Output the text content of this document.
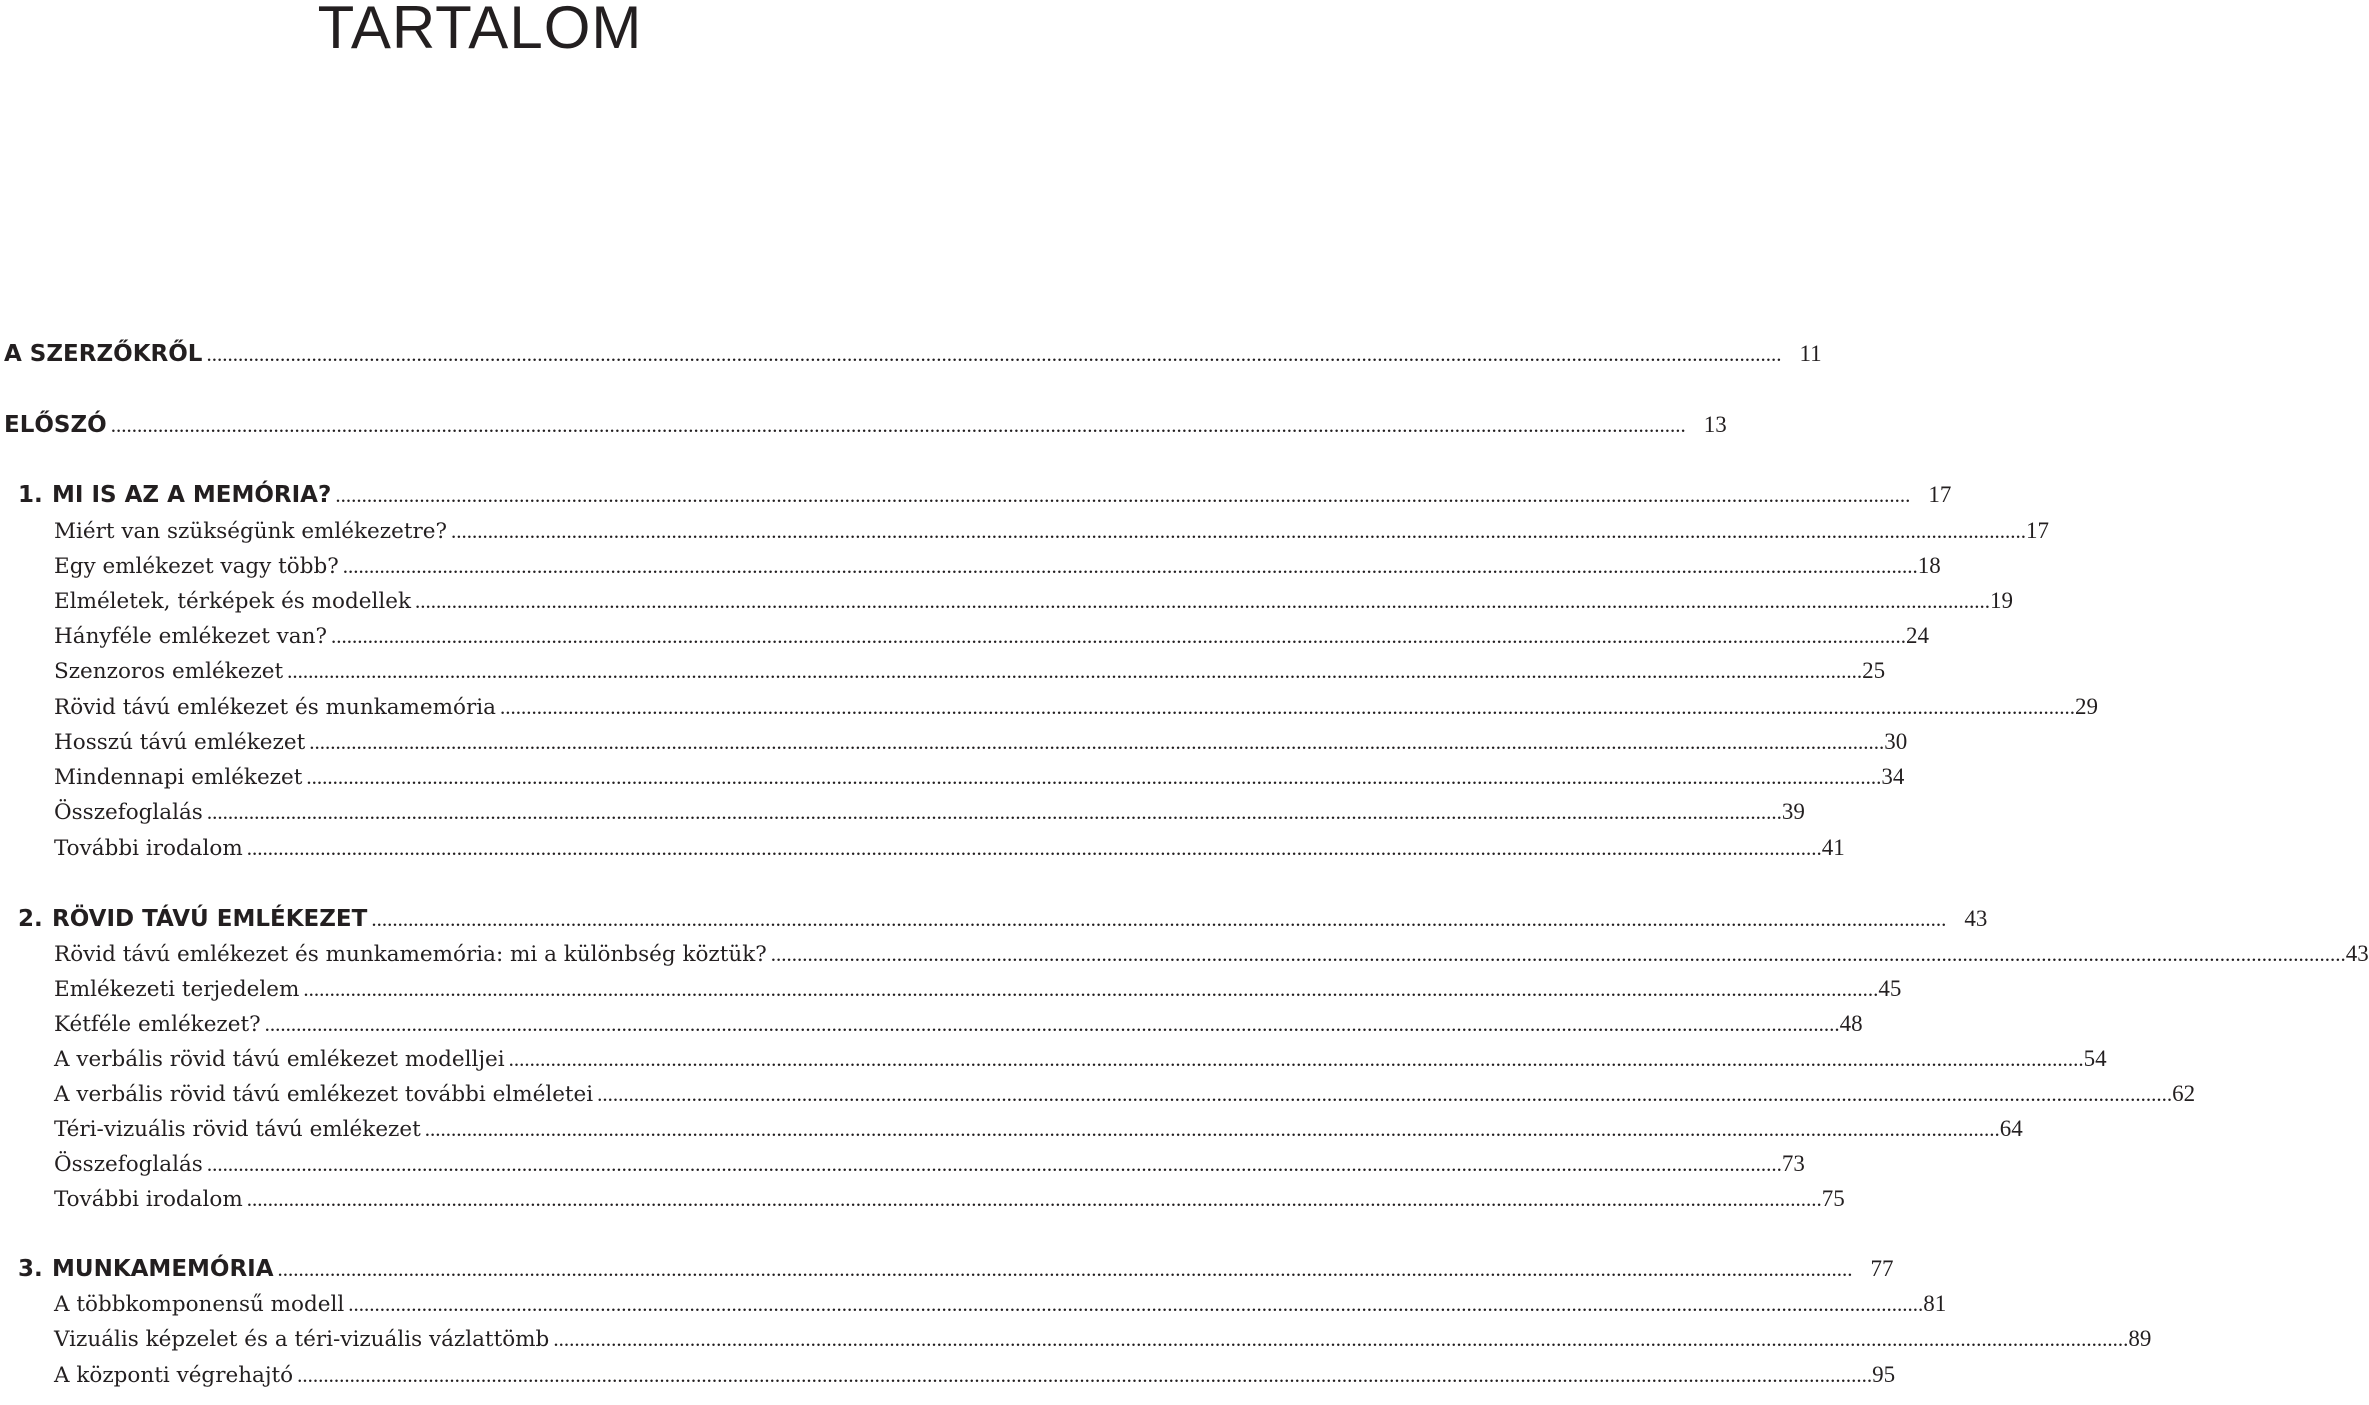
TARTALOM
A SZERZŐKRŐL ............................................................................................................................................................................................................................................................................................................ 11
ELŐSZÓ ............................................................................................................................................................................................................................................................................................................ 13
1. MI IS AZ A MEMÓRIA? ............................................................................................................................................................................................................................................................................................................ 17
Miért van szükségünk emlékezetre? ............................................................................................................................................................................................................................................................................................................ 17
Egy emlékezet vagy több? ............................................................................................................................................................................................................................................................................................................ 18
Elméletek, térképek és modellek ............................................................................................................................................................................................................................................................................................................ 19
Hányféle emlékezet van? ............................................................................................................................................................................................................................................................................................................ 24
Szenzoros emlékezet ............................................................................................................................................................................................................................................................................................................ 25
Rövid távú emlékezet és munkamemória ............................................................................................................................................................................................................................................................................................................ 29
Hosszú távú emlékezet ............................................................................................................................................................................................................................................................................................................ 30
Mindennapi emlékezet ............................................................................................................................................................................................................................................................................................................ 34
Összefoglalás ............................................................................................................................................................................................................................................................................................................ 39
További irodalom ............................................................................................................................................................................................................................................................................................................ 41
2. RÖVID TÁVÚ EMLÉKEZET ............................................................................................................................................................................................................................................................................................................ 43
Rövid távú emlékezet és munkamemória: mi a különbség köztük? ............................................................................................................................................................................................................................................................................................................ 43
Emlékezeti terjedelem ............................................................................................................................................................................................................................................................................................................ 45
Kétféle emlékezet? ............................................................................................................................................................................................................................................................................................................ 48
A verbális rövid távú emlékezet modelljei ............................................................................................................................................................................................................................................................................................................ 54
A verbális rövid távú emlékezet további elméletei ............................................................................................................................................................................................................................................................................................................ 62
Téri-vizuális rövid távú emlékezet ............................................................................................................................................................................................................................................................................................................ 64
Összefoglalás ............................................................................................................................................................................................................................................................................................................ 73
További irodalom ............................................................................................................................................................................................................................................................................................................ 75
3. MUNKAMEMÓRIA ............................................................................................................................................................................................................................................................................................................ 77
A többkomponensű modell ............................................................................................................................................................................................................................................................................................................ 81
Vizuális képzelet és a téri-vizuális vázlattömb ............................................................................................................................................................................................................................................................................................................ 89
A központi végrehajtó ............................................................................................................................................................................................................................................................................................................ 95
